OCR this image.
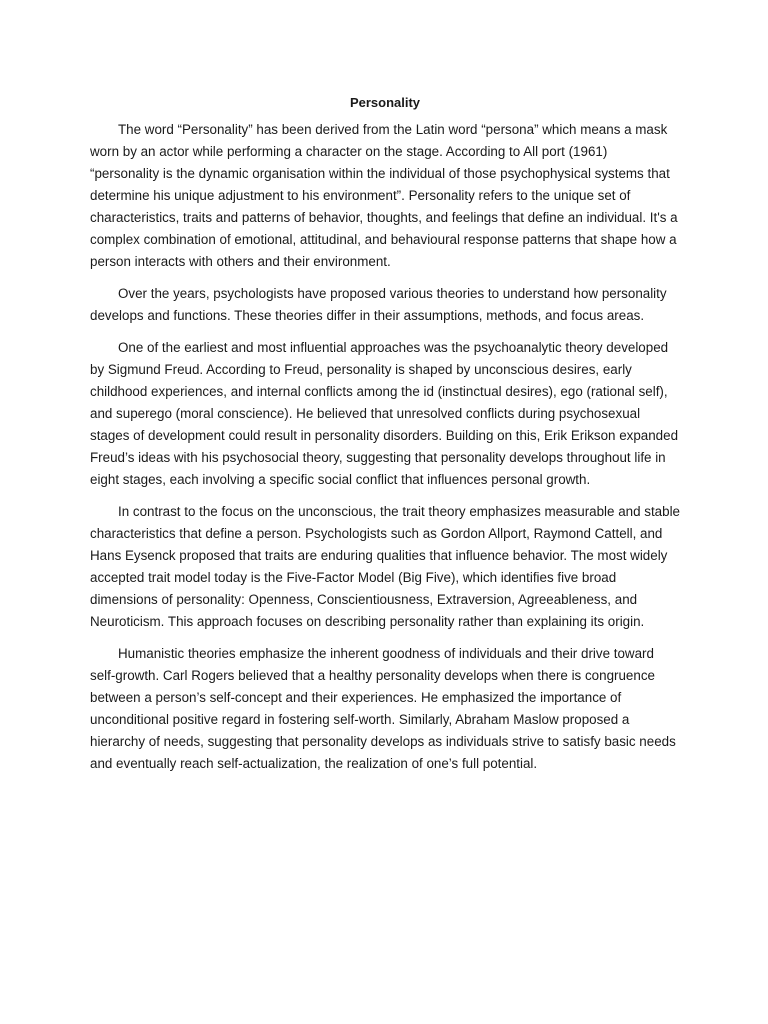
Personality

The word “Personality” has been derived from the Latin word “persona” which means a mask worn by an actor while performing a character on the stage. According to All port (1961) “personality is the dynamic organisation within the individual of those psychophysical systems that determine his unique adjustment to his environment”. Personality refers to the unique set of characteristics, traits and patterns of behavior, thoughts, and feelings that define an individual. It's a complex combination of emotional, attitudinal, and behavioural response patterns that shape how a person interacts with others and their environment.

Over the years, psychologists have proposed various theories to understand how personality develops and functions. These theories differ in their assumptions, methods, and focus areas.

One of the earliest and most influential approaches was the psychoanalytic theory developed by Sigmund Freud. According to Freud, personality is shaped by unconscious desires, early childhood experiences, and internal conflicts among the id (instinctual desires), ego (rational self), and superego (moral conscience). He believed that unresolved conflicts during psychosexual stages of development could result in personality disorders. Building on this, Erik Erikson expanded Freud’s ideas with his psychosocial theory, suggesting that personality develops throughout life in eight stages, each involving a specific social conflict that influences personal growth.

In contrast to the focus on the unconscious, the trait theory emphasizes measurable and stable characteristics that define a person. Psychologists such as Gordon Allport, Raymond Cattell, and Hans Eysenck proposed that traits are enduring qualities that influence behavior. The most widely accepted trait model today is the Five-Factor Model (Big Five), which identifies five broad dimensions of personality: Openness, Conscientiousness, Extraversion, Agreeableness, and Neuroticism. This approach focuses on describing personality rather than explaining its origin.

Humanistic theories emphasize the inherent goodness of individuals and their drive toward self-growth. Carl Rogers believed that a healthy personality develops when there is congruence between a person’s self-concept and their experiences. He emphasized the importance of unconditional positive regard in fostering self-worth. Similarly, Abraham Maslow proposed a hierarchy of needs, suggesting that personality develops as individuals strive to satisfy basic needs and eventually reach self-actualization, the realization of one’s full potential.
